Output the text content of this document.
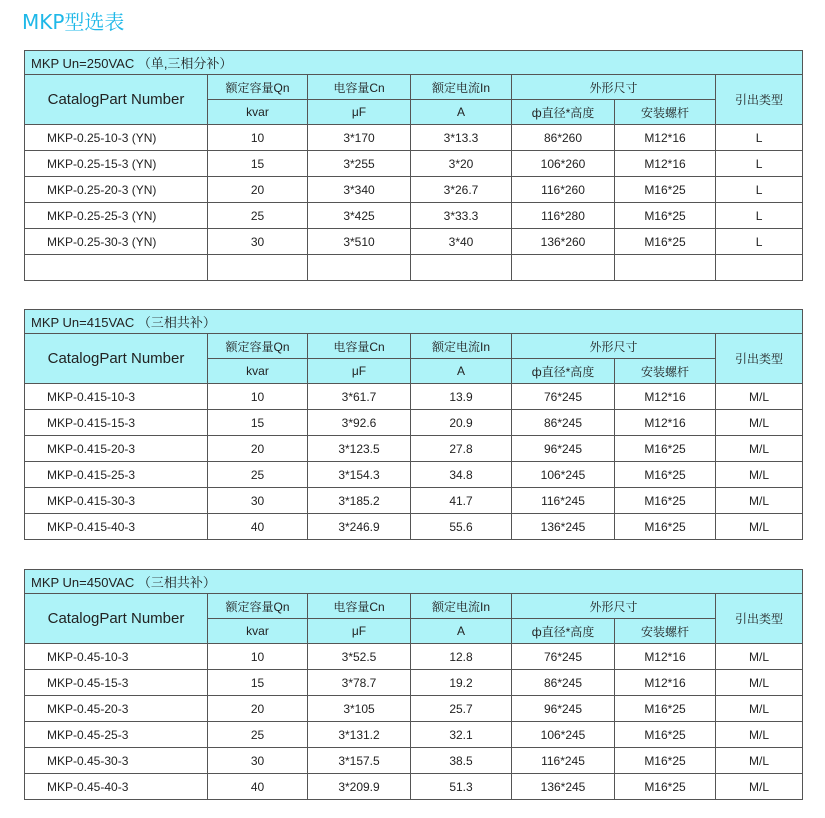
MKP型选表
MKP Un=250VAC （单,三相分补）						
CatalogPart Number	额定容量Qn	电容量Cn	额定电流In	外形尺寸		引出类型
	kvar	μF	A	ф直径*高度	安装螺杆	
MKP-0.25-10-3 (YN)	10	3*170	3*13.3	86*260	M12*16	L
MKP-0.25-15-3 (YN)	15	3*255	3*20	106*260	M12*16	L
MKP-0.25-20-3 (YN)	20	3*340	3*26.7	116*260	M16*25	L
MKP-0.25-25-3 (YN)	25	3*425	3*33.3	116*280	M16*25	L
MKP-0.25-30-3 (YN)	30	3*510	3*40	136*260	M16*25	L

MKP Un=415VAC （三相共补）						
CatalogPart Number	额定容量Qn	电容量Cn	额定电流In	外形尺寸		引出类型
	kvar	μF	A	ф直径*高度	安装螺杆	
MKP-0.415-10-3	10	3*61.7	13.9	76*245	M12*16	M/L
MKP-0.415-15-3	15	3*92.6	20.9	86*245	M12*16	M/L
MKP-0.415-20-3	20	3*123.5	27.8	96*245	M16*25	M/L
MKP-0.415-25-3	25	3*154.3	34.8	106*245	M16*25	M/L
MKP-0.415-30-3	30	3*185.2	41.7	116*245	M16*25	M/L
MKP-0.415-40-3	40	3*246.9	55.6	136*245	M16*25	M/L
MKP Un=450VAC （三相共补）						
CatalogPart Number	额定容量Qn	电容量Cn	额定电流In	外形尺寸		引出类型
	kvar	μF	A	ф直径*高度	安装螺杆	
MKP-0.45-10-3	10	3*52.5	12.8	76*245	M12*16	M/L
MKP-0.45-15-3	15	3*78.7	19.2	86*245	M12*16	M/L
MKP-0.45-20-3	20	3*105	25.7	96*245	M16*25	M/L
MKP-0.45-25-3	25	3*131.2	32.1	106*245	M16*25	M/L
MKP-0.45-30-3	30	3*157.5	38.5	116*245	M16*25	M/L
MKP-0.45-40-3	40	3*209.9	51.3	136*245	M16*25	M/L
